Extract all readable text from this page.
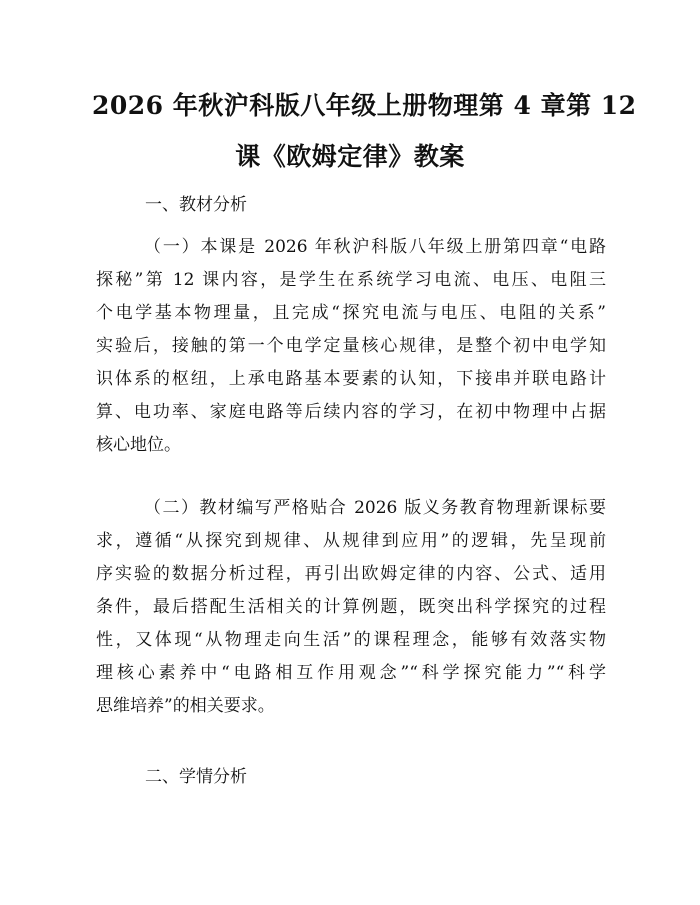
2026 年秋沪科版八年级上册物理第 4 章第 12
课《欧姆定律》教案
一、教材分析
（一）本课是 2026 年秋沪科版八年级上册第四章“电路
探秘”第 12 课内容，是学生在系统学习电流、电压、电阻三
个电学基本物理量，且完成“探究电流与电压、电阻的关系”
实验后，接触的第一个电学定量核心规律，是整个初中电学知
识体系的枢纽，上承电路基本要素的认知，下接串并联电路计
算、电功率、家庭电路等后续内容的学习，在初中物理中占据
核心地位。
（二）教材编写严格贴合 2026 版义务教育物理新课标要
求，遵循“从探究到规律、从规律到应用”的逻辑，先呈现前
序实验的数据分析过程，再引出欧姆定律的内容、公式、适用
条件，最后搭配生活相关的计算例题，既突出科学探究的过程
性，又体现“从物理走向生活”的课程理念，能够有效落实物
理核心素养中“电路相互作用观念”“科学探究能力”“科学
思维培养”的相关要求。
二、学情分析
